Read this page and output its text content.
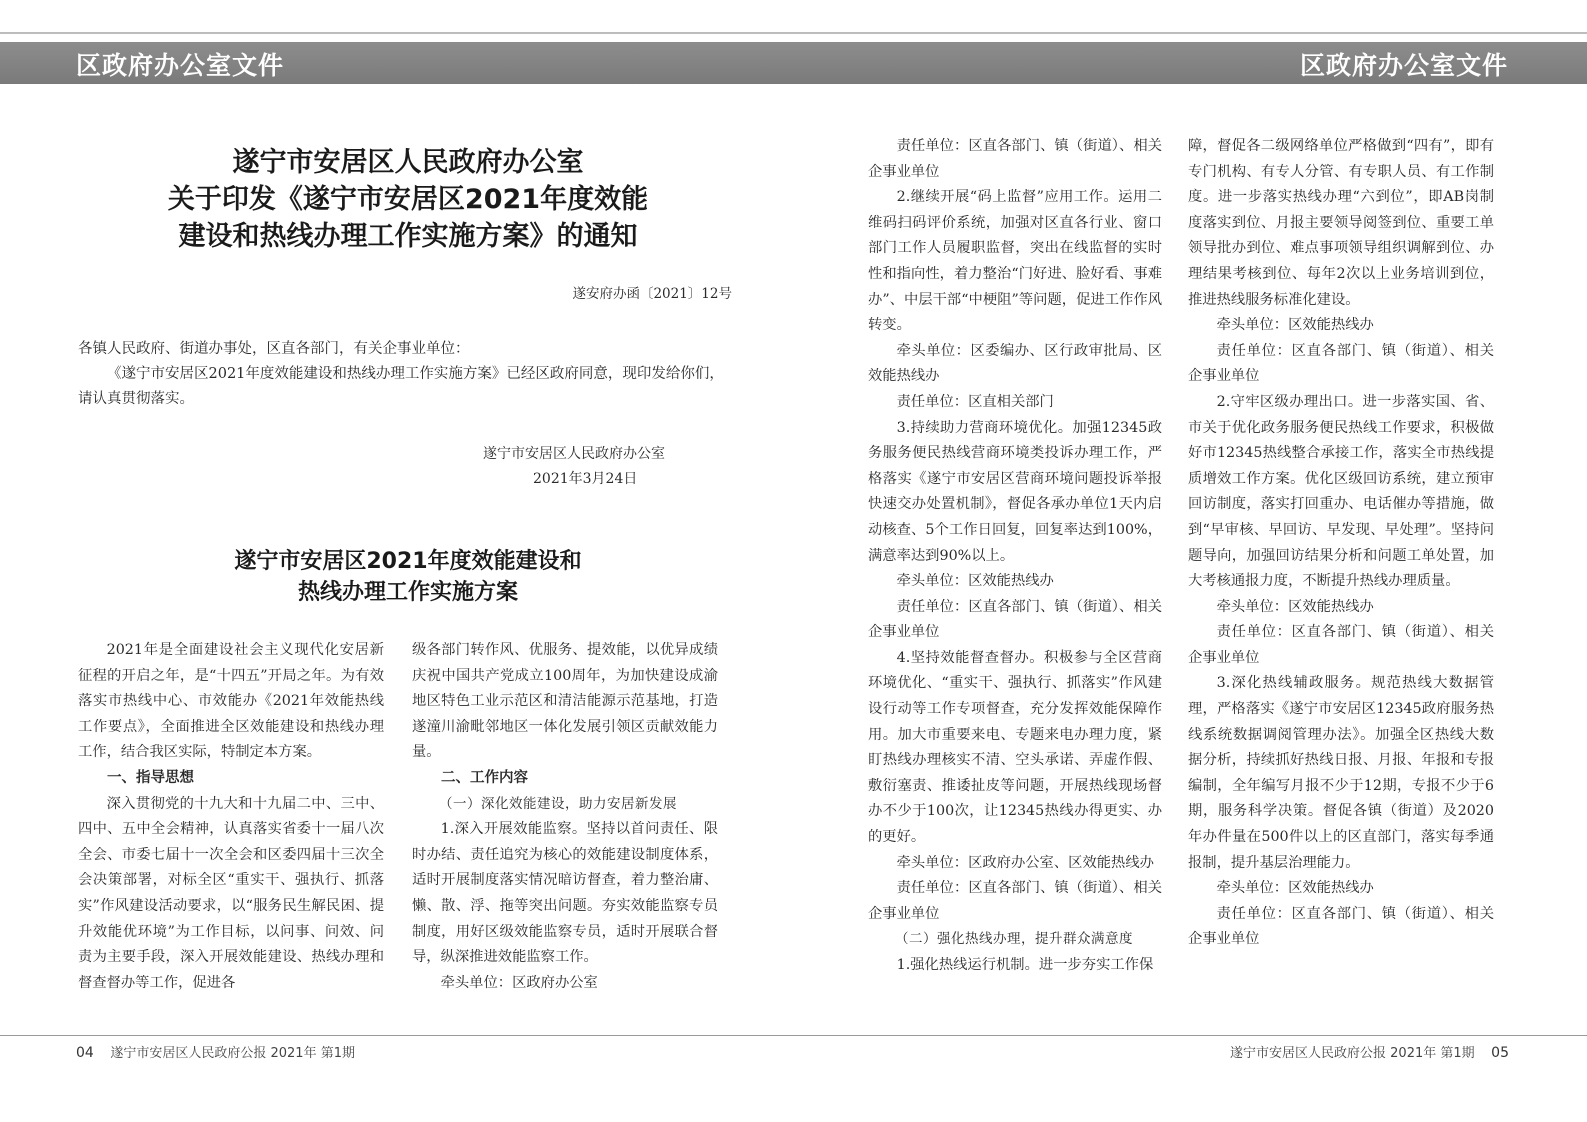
区政府办公室文件	区政府办公室文件
遂宁市安居区人民政府办公室
关于印发《遂宁市安居区2021年度效能
建设和热线办理工作实施方案》的通知
遂安府办函〔2021〕12号
各镇人民政府、街道办事处，区直各部门，有关企事业单位：

《遂宁市安居区2021年度效能建设和热线办理工作实施方案》已经区政府同意，现印发给你们，请认真贯彻落实。

遂宁市安居区人民政府办公室
2021年3月24日
遂宁市安居区2021年度效能建设和
热线办理工作实施方案

2021年是全面建设社会主义现代化安居新征程的开启之年，是“十四五”开局之年。为有效落实市热线中心、市效能办《2021年效能热线工作要点》，全面推进全区效能建设和热线办理工作，结合我区实际，特制定本方案。

一、指导思想

深入贯彻党的十九大和十九届二中、三中、四中、五中全会精神，认真落实省委十一届八次全会、市委七届十一次全会和区委四届十三次全会决策部署，对标全区“重实干、强执行、抓落实”作风建设活动要求，以“服务民生解民困、提升效能优环境”为工作目标，以问事、问效、问责为主要手段，深入开展效能建设、热线办理和督查督办等工作，促进各

级各部门转作风、优服务、提效能，以优异成绩庆祝中国共产党成立100周年，为加快建设成渝地区特色工业示范区和清洁能源示范基地，打造遂潼川渝毗邻地区一体化发展引领区贡献效能力量。

二、工作内容

（一）深化效能建设，助力安居新发展

1.深入开展效能监察。坚持以首问责任、限时办结、责任追究为核心的效能建设制度体系，适时开展制度落实情况暗访督查，着力整治庸、懒、散、浮、拖等突出问题。夯实效能监察专员制度，用好区级效能监察专员，适时开展联合督导，纵深推进效能监察工作。

牵头单位：区政府办公室

责任单位：区直各部门、镇（街道）、相关企事业单位

2.继续开展“码上监督”应用工作。运用二维码扫码评价系统，加强对区直各行业、窗口部门工作人员履职监督，突出在线监督的实时性和指向性，着力整治“门好进、脸好看、事难办”、中层干部“中梗阻”等问题，促进工作作风转变。

牵头单位：区委编办、区行政审批局、区效能热线办

责任单位：区直相关部门

3.持续助力营商环境优化。加强12345政务服务便民热线营商环境类投诉办理工作，严格落实《遂宁市安居区营商环境问题投诉举报快速交办处置机制》，督促各承办单位1天内启动核查、5个工作日回复，回复率达到100%，满意率达到90%以上。

牵头单位：区效能热线办

责任单位：区直各部门、镇（街道）、相关企事业单位

4.坚持效能督查督办。积极参与全区营商环境优化、“重实干、强执行、抓落实”作风建设行动等工作专项督查，充分发挥效能保障作用。加大市重要来电、专题来电办理力度，紧盯热线办理核实不清、空头承诺、弄虚作假、敷衍塞责、推诿扯皮等问题，开展热线现场督办不少于100次，让12345热线办得更实、办的更好。

牵头单位：区政府办公室、区效能热线办

责任单位：区直各部门、镇（街道）、相关企事业单位

（二）强化热线办理，提升群众满意度

1.强化热线运行机制。进一步夯实工作保

障，督促各二级网络单位严格做到“四有”，即有专门机构、有专人分管、有专职人员、有工作制度。进一步落实热线办理“六到位”，即AB岗制度落实到位、月报主要领导阅签到位、重要工单领导批办到位、难点事项领导组织调解到位、办理结果考核到位、每年2次以上业务培训到位，推进热线服务标准化建设。

牵头单位：区效能热线办

责任单位：区直各部门、镇（街道）、相关企事业单位

2.守牢区级办理出口。进一步落实国、省、市关于优化政务服务便民热线工作要求，积极做好市12345热线整合承接工作，落实全市热线提质增效工作方案。优化区级回访系统，建立预审回访制度，落实打回重办、电话催办等措施，做到“早审核、早回访、早发现、早处理”。坚持问题导向，加强回访结果分析和问题工单处置，加大考核通报力度，不断提升热线办理质量。

牵头单位：区效能热线办

责任单位：区直各部门、镇（街道）、相关企事业单位

3.深化热线辅政服务。规范热线大数据管理，严格落实《遂宁市安居区12345政府服务热线系统数据调阅管理办法》。加强全区热线大数据分析，持续抓好热线日报、月报、年报和专报编制，全年编写月报不少于12期，专报不少于6期，服务科学决策。督促各镇（街道）及2020年办件量在500件以上的区直部门，落实每季通报制，提升基层治理能力。

牵头单位：区效能热线办

责任单位：区直各部门、镇（街道）、相关企事业单位

04 遂宁市安居区人民政府公报 2021年 第1期	遂宁市安居区人民政府公报 2021年 第1期 05
